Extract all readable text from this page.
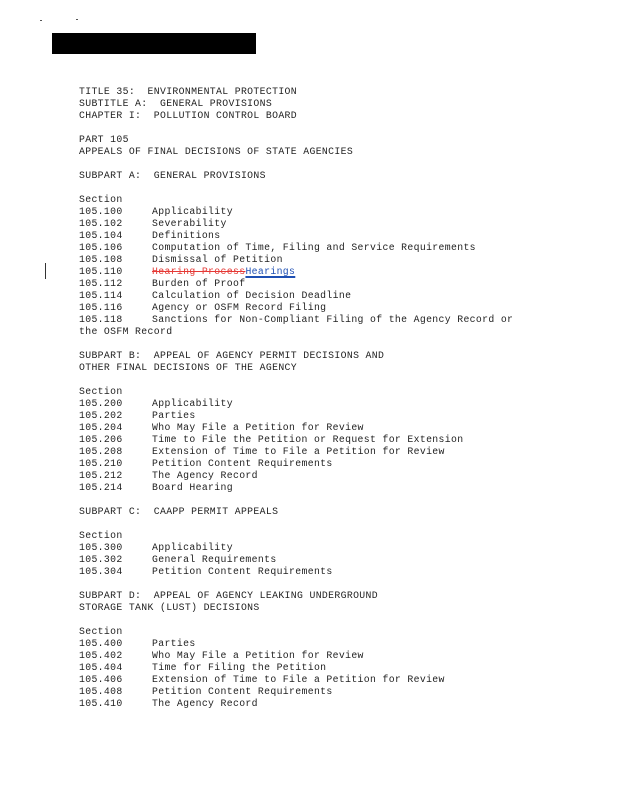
TITLE 35:  ENVIRONMENTAL PROTECTION
SUBTITLE A:  GENERAL PROVISIONS
CHAPTER I:  POLLUTION CONTROL BOARD
PART 105
APPEALS OF FINAL DECISIONS OF STATE AGENCIES
SUBPART A:  GENERAL PROVISIONS
Section
105.100	Applicability
105.102	Severability
105.104	Definitions
105.106	Computation of Time, Filing and Service Requirements
105.108	Dismissal of Petition
105.110	Hearing ProcessHearings
105.112	Burden of Proof
105.114	Calculation of Decision Deadline
105.116	Agency or OSFM Record Filing
105.118	Sanctions for Non-Compliant Filing of the Agency Record or
the OSFM Record
SUBPART B:  APPEAL OF AGENCY PERMIT DECISIONS AND
OTHER FINAL DECISIONS OF THE AGENCY
Section
105.200	Applicability
105.202	Parties
105.204	Who May File a Petition for Review
105.206	Time to File the Petition or Request for Extension
105.208	Extension of Time to File a Petition for Review
105.210	Petition Content Requirements
105.212	The Agency Record
105.214	Board Hearing
SUBPART C:  CAAPP PERMIT APPEALS
Section
105.300	Applicability
105.302	General Requirements
105.304	Petition Content Requirements
SUBPART D:  APPEAL OF AGENCY LEAKING UNDERGROUND
STORAGE TANK (LUST) DECISIONS
Section
105.400	Parties
105.402	Who May File a Petition for Review
105.404	Time for Filing the Petition
105.406	Extension of Time to File a Petition for Review
105.408	Petition Content Requirements
105.410	The Agency Record
